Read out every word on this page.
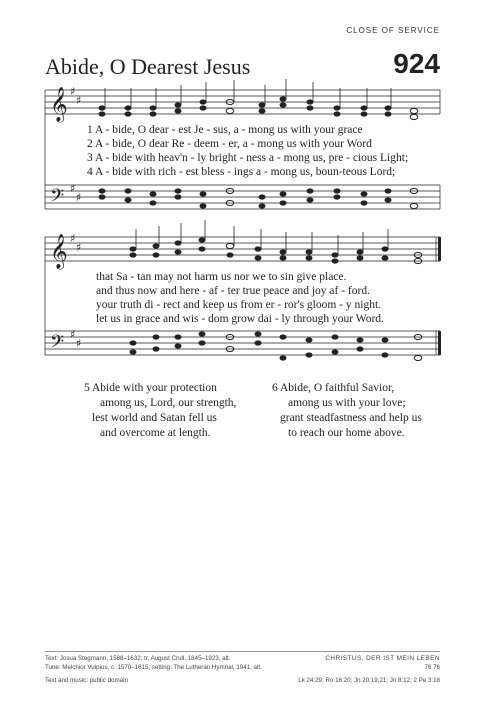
CLOSE OF SERVICE
Abide, O Dearest Jesus	924
𝄞
𝄢
𝄞
𝄢
♯
♯
♯
♯
♯
♯
♯
♯
1 A - bide, O dear - est Je - sus, a - mong us with your grace
2 A - bide, O dear Re - deem - er, a - mong us with your Word
3 A - bide with heav'n - ly bright - ness a - mong us, pre - cious Light;
4 A - bide with rich - est bless - ings a - mong us, boun-teous Lord;
that Sa - tan may not harm us nor we to sin give place.
and thus now and here - af - ter true peace and joy af - ford.
your truth di - rect and keep us from er - ror's gloom - y night.
let us in grace and wis - dom grow dai - ly through your Word.
5 Abide with your protection
among us, Lord, our strength,
lest world and Satan fell us
and overcome at length.
6 Abide, O faithful Savior,
among us with your love;
grant steadfastness and help us
to reach our home above.
Text: Josua Stegmann, 1588–1632; tr. August Crull, 1845–1923, alt.
Tune: Melchior Vulpius, c. 1570–1615; setting: The Lutheran Hymnal, 1941, alt.
Text and music: public domain
CHRISTUS, DER IST MEIN LEBEN
76 76
Lk 24:29; Ro 16:20; Jn 20:19,21; Jn 8:12; 2 Pe 3:18
